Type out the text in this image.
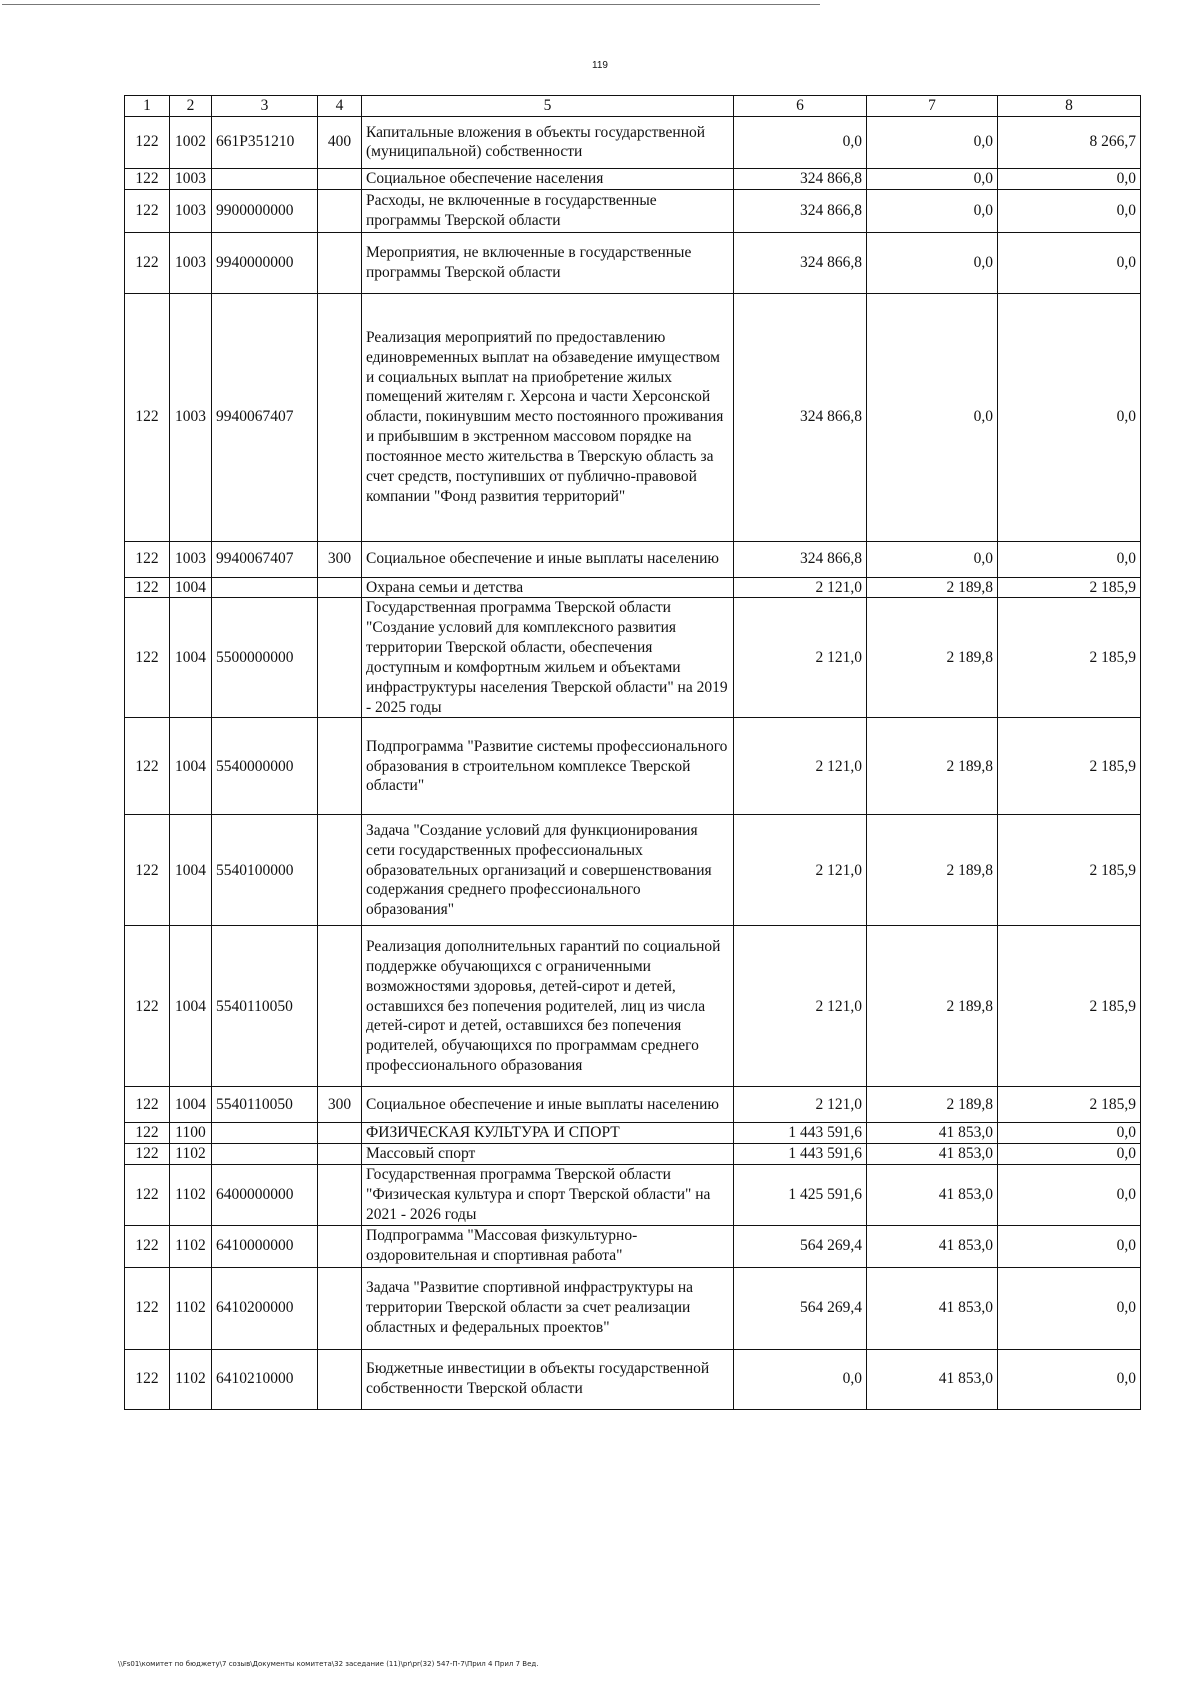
119
1	2	3	4	5	6	7	8
122	1002	661P351210	400	Капитальные вложения в объекты государственной (муниципальной) собственности	0,0	0,0	8 266,7
122	1003			Социальное обеспечение населения	324 866,8	0,0	0,0
122	1003	9900000000		Расходы, не включенные в государственные программы Тверской области	324 866,8	0,0	0,0
122	1003	9940000000		Мероприятия, не включенные в государственные программы Тверской области	324 866,8	0,0	0,0
122	1003	9940067407		Реализация мероприятий по предоставлению единовременных выплат на обзаведение имуществом и социальных выплат на приобретение жилых помещений жителям г. Херсона и части Херсонской области, покинувшим место постоянного проживания и прибывшим в экстренном массовом порядке на постоянное место жительства в Тверскую область за счет средств, поступивших от публично-правовой компании "Фонд развития территорий"	324 866,8	0,0	0,0
122	1003	9940067407	300	Социальное обеспечение и иные выплаты населению	324 866,8	0,0	0,0
122	1004			Охрана семьи и детства	2 121,0	2 189,8	2 185,9
122	1004	5500000000		Государственная программа Тверской области "Создание условий для комплексного развития территории Тверской области, обеспечения доступным и комфортным жильем и объектами инфраструктуры населения Тверской области" на 2019 - 2025 годы	2 121,0	2 189,8	2 185,9
122	1004	5540000000		Подпрограмма "Развитие системы профессионального образования в строительном комплексе Тверской области"	2 121,0	2 189,8	2 185,9
122	1004	5540100000		Задача "Создание условий для функционирования сети государственных профессиональных образовательных организаций и совершенствования содержания среднего профессионального образования"	2 121,0	2 189,8	2 185,9
122	1004	5540110050		Реализация дополнительных гарантий по социальной поддержке обучающихся с ограниченными возможностями здоровья, детей-сирот и детей, оставшихся без попечения родителей, лиц из числа детей-сирот и детей, оставшихся без попечения родителей, обучающихся по программам среднего профессионального образования	2 121,0	2 189,8	2 185,9
122	1004	5540110050	300	Социальное обеспечение и иные выплаты населению	2 121,0	2 189,8	2 185,9
122	1100			ФИЗИЧЕСКАЯ КУЛЬТУРА И СПОРТ	1 443 591,6	41 853,0	0,0
122	1102			Массовый спорт	1 443 591,6	41 853,0	0,0
122	1102	6400000000		Государственная программа Тверской области "Физическая культура и спорт Тверской области" на 2021 - 2026 годы	1 425 591,6	41 853,0	0,0
122	1102	6410000000		Подпрограмма "Массовая физкультурно-оздоровительная и спортивная работа"	564 269,4	41 853,0	0,0
122	1102	6410200000		Задача "Развитие спортивной инфраструктуры на территории Тверской области за счет реализации областных и федеральных проектов"	564 269,4	41 853,0	0,0
122	1102	6410210000		Бюджетные инвестиции в объекты государственной собственности Тверской области	0,0	41 853,0	0,0
\\Fs01\комитет по бюджету\7 созыв\Документы комитета\32 заседание (11)\pr\pr(32) 547-П-7\Прил 4 Прил 7 Вед.
